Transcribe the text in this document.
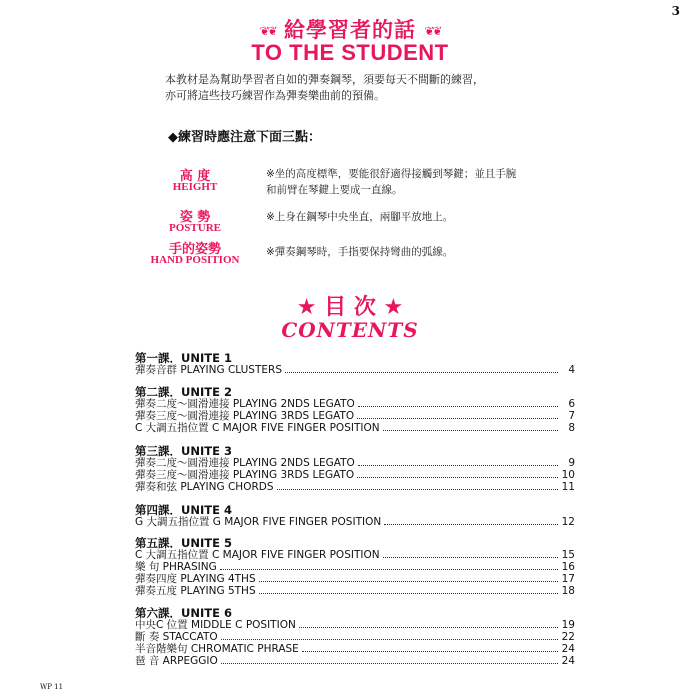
3
❦❦ 給學習者的話 ❦❦
TO THE STUDENT
本教材是為幫助學習者自如的彈奏鋼琴，須要每天不間斷的練習，
亦可將這些技巧練習作為彈奏樂曲前的預備。
◆練習時應注意下面三點：
高 度
HEIGHT
※坐的高度標準，要能很舒適得接觸到琴鍵；並且手腕
和前臂在琴鍵上要成一直線。
姿 勢
POSTURE
※上身在鋼琴中央坐直，兩腳平放地上。
手的姿勢
HAND POSITION
※彈奏鋼琴時，手指要保持彎曲的弧線。
★ 目 次 ★
CONTENTS
第一課．UNITE 1
彈奏音群 PLAYING CLUSTERS	4
第二課．UNITE 2
彈奏二度～圓滑連接 PLAYING 2NDS LEGATO	6
彈奏三度～圓滑連接 PLAYING 3RDS LEGATO	7
C 大調五指位置 C MAJOR FIVE FINGER POSITION	8
第三課．UNITE 3
彈奏二度～圓滑連接 PLAYING 2NDS LEGATO	9
彈奏三度～圓滑連接 PLAYING 3RDS LEGATO	10
彈奏和弦 PLAYING CHORDS	11
第四課．UNITE 4
G 大調五指位置 G MAJOR FIVE FINGER POSITION	12
第五課．UNITE 5
C 大調五指位置 C MAJOR FIVE FINGER POSITION	15
樂 句 PHRASING	16
彈奏四度 PLAYING 4THS	17
彈奏五度 PLAYING 5THS	18
第六課．UNITE 6
中央C 位置 MIDDLE C POSITION	19
斷 奏 STACCATO	22
半音階樂句 CHROMATIC PHRASE	24
琶 音 ARPEGGIO	24
WP 11
